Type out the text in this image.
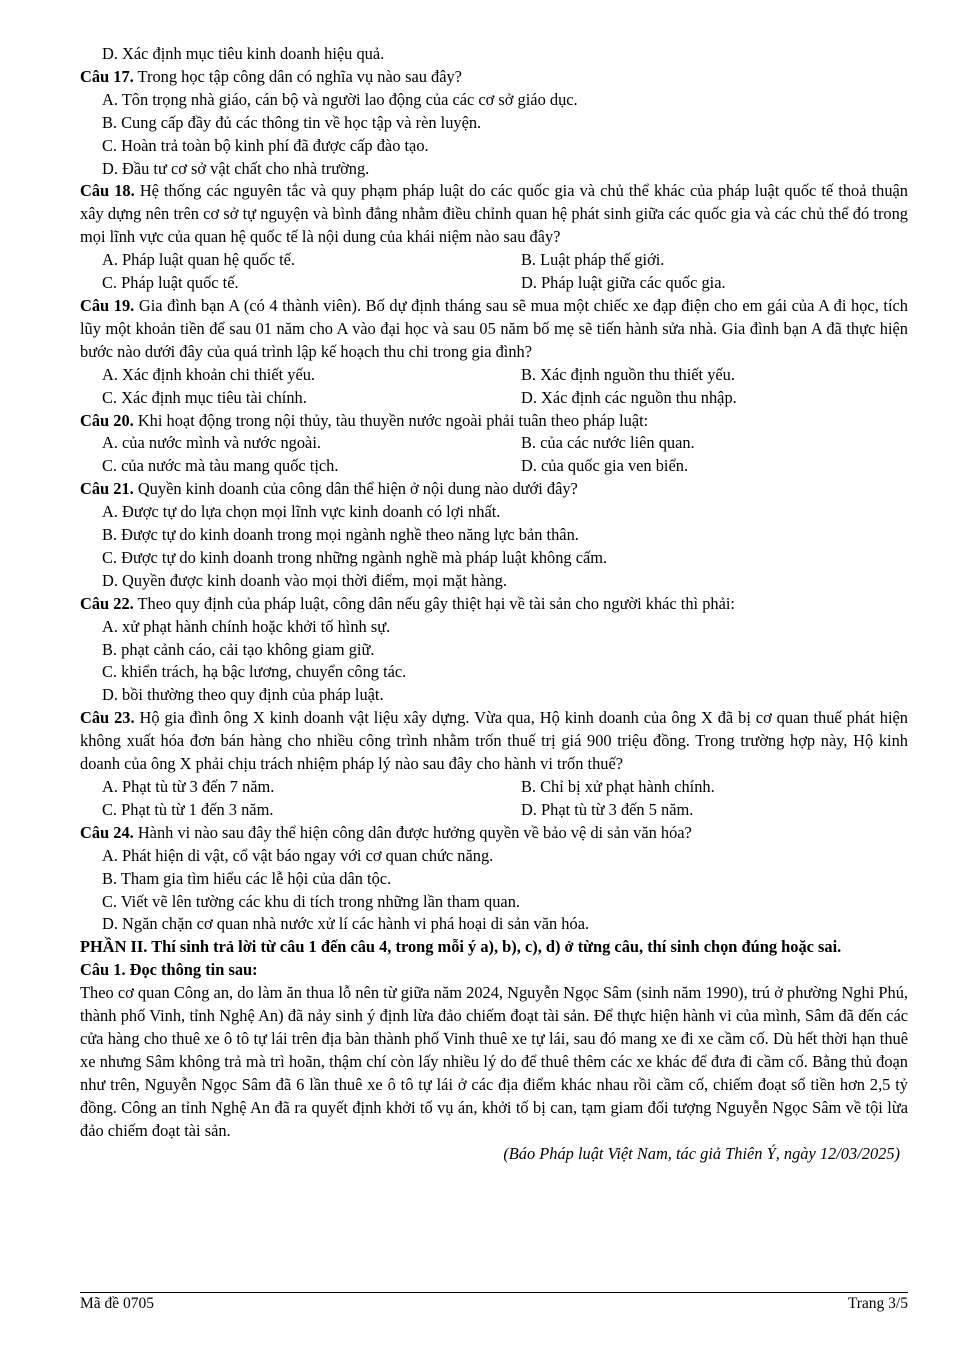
D. Xác định mục tiêu kinh doanh hiệu quả.
Câu 17. Trong học tập công dân có nghĩa vụ nào sau đây?
A. Tôn trọng nhà giáo, cán bộ và người lao động của các cơ sở giáo dục.
B. Cung cấp đầy đủ các thông tin về học tập và rèn luyện.
C. Hoàn trả toàn bộ kinh phí đã được cấp đào tạo.
D. Đầu tư cơ sở vật chất cho nhà trường.
Câu 18. Hệ thống các nguyên tắc và quy phạm pháp luật do các quốc gia và chủ thể khác của pháp luật quốc tế thoả thuận xây dựng nên trên cơ sở tự nguyện và bình đẳng nhằm điều chỉnh quan hệ phát sinh giữa các quốc gia và các chủ thể đó trong mọi lĩnh vực của quan hệ quốc tế là nội dung của khái niệm nào sau đây?
A. Pháp luật quan hệ quốc tế.	B. Luật pháp thế giới.
C. Pháp luật quốc tế.	D. Pháp luật giữa các quốc gia.
Câu 19. Gia đình bạn A (có 4 thành viên). Bố dự định tháng sau sẽ mua một chiếc xe đạp điện cho em gái của A đi học, tích lũy một khoản tiền để sau 01 năm cho A vào đại học và sau 05 năm bố mẹ sẽ tiến hành sửa nhà. Gia đình bạn A đã thực hiện bước nào dưới đây của quá trình lập kế hoạch thu chi trong gia đình?
A. Xác định khoản chi thiết yếu.	B. Xác định nguồn thu thiết yếu.
C. Xác định mục tiêu tài chính.	D. Xác định các nguồn thu nhập.
Câu 20. Khi hoạt động trong nội thủy, tàu thuyền nước ngoài phải tuân theo pháp luật:
A. của nước mình và nước ngoài.	B. của các nước liên quan.
C. của nước mà tàu mang quốc tịch.	D. của quốc gia ven biển.
Câu 21. Quyền kinh doanh của công dân thể hiện ở nội dung nào dưới đây?
A. Được tự do lựa chọn mọi lĩnh vực kinh doanh có lợi nhất.
B. Được tự do kinh doanh trong mọi ngành nghề theo năng lực bản thân.
C. Được tự do kinh doanh trong những ngành nghề mà pháp luật không cấm.
D. Quyền được kinh doanh vào mọi thời điểm, mọi mặt hàng.
Câu 22. Theo quy định của pháp luật, công dân nếu gây thiệt hại về tài sản cho người khác thì phải:
A. xử phạt hành chính hoặc khởi tố hình sự.
B. phạt cảnh cáo, cải tạo không giam giữ.
C. khiển trách, hạ bậc lương, chuyển công tác.
D. bồi thường theo quy định của pháp luật.
Câu 23. Hộ gia đình ông X kinh doanh vật liệu xây dựng. Vừa qua, Hộ kinh doanh của ông X đã bị cơ quan thuế phát hiện không xuất hóa đơn bán hàng cho nhiều công trình nhằm trốn thuế trị giá 900 triệu đồng. Trong trường hợp này, Hộ kinh doanh của ông X phải chịu trách nhiệm pháp lý nào sau đây cho hành vi trốn thuế?
A. Phạt tù từ 3 đến 7 năm.	B. Chỉ bị xử phạt hành chính.
C. Phạt tù từ 1 đến 3 năm.	D. Phạt tù từ 3 đến 5 năm.
Câu 24. Hành vi nào sau đây thể hiện công dân được hưởng quyền về bảo vệ di sản văn hóa?
A. Phát hiện di vật, cổ vật báo ngay với cơ quan chức năng.
B. Tham gia tìm hiểu các lễ hội của dân tộc.
C. Viết vẽ lên tường các khu di tích trong những lần tham quan.
D. Ngăn chặn cơ quan nhà nước xử lí các hành vi phá hoại di sản văn hóa.
PHẦN II. Thí sinh trả lời từ câu 1 đến câu 4, trong mỗi ý a), b), c), d) ở từng câu, thí sinh chọn đúng hoặc sai.
Câu 1. Đọc thông tin sau:
Theo cơ quan Công an, do làm ăn thua lỗ nên từ giữa năm 2024, Nguyễn Ngọc Sâm (sinh năm 1990), trú ở phường Nghi Phú, thành phố Vinh, tỉnh Nghệ An) đã nảy sinh ý định lừa đảo chiếm đoạt tài sản. Để thực hiện hành vi của mình, Sâm đã đến các cửa hàng cho thuê xe ô tô tự lái trên địa bàn thành phố Vinh thuê xe tự lái, sau đó mang xe đi xe cầm cố. Dù hết thời hạn thuê xe nhưng Sâm không trả mà trì hoãn, thậm chí còn lấy nhiều lý do để thuê thêm các xe khác để đưa đi cầm cố. Bằng thủ đoạn như trên, Nguyễn Ngọc Sâm đã 6 lần thuê xe ô tô tự lái ở các địa điểm khác nhau rồi cầm cố, chiếm đoạt số tiền hơn 2,5 tỷ đồng. Công an tỉnh Nghệ An đã ra quyết định khởi tố vụ án, khởi tố bị can, tạm giam đối tượng Nguyễn Ngọc Sâm về tội lừa đảo chiếm đoạt tài sản.
(Báo Pháp luật Việt Nam, tác giả Thiên Ý, ngày 12/03/2025)
Mã đề 0705	Trang 3/5
